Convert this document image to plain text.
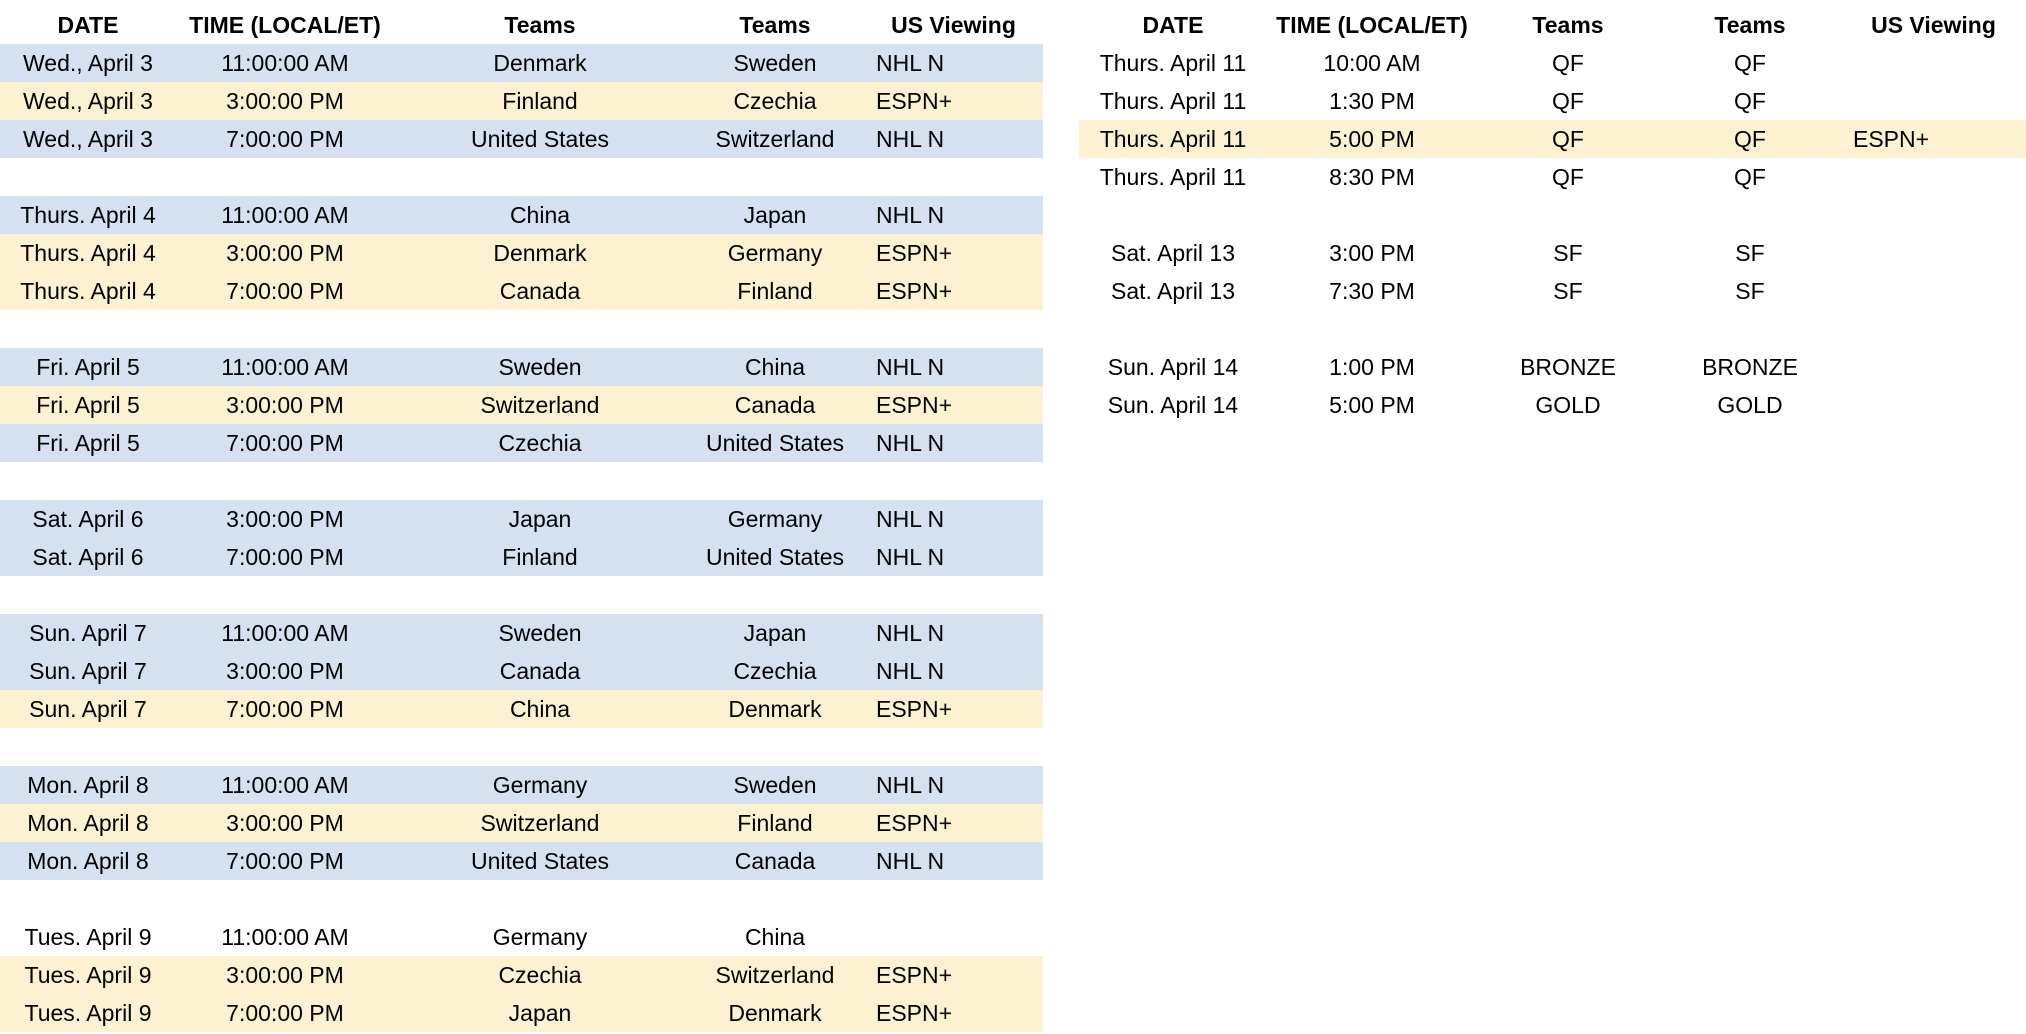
DATE	TIME (LOCAL/ET)	Teams	Teams	US Viewing
Wed., April 3	11:00:00 AM	Denmark	Sweden	NHL N
Wed., April 3	3:00:00 PM	Finland	Czechia	ESPN+
Wed., April 3	7:00:00 PM	United States	Switzerland	NHL N
Thurs. April 4	11:00:00 AM	China	Japan	NHL N
Thurs. April 4	3:00:00 PM	Denmark	Germany	ESPN+
Thurs. April 4	7:00:00 PM	Canada	Finland	ESPN+
Fri. April 5	11:00:00 AM	Sweden	China	NHL N
Fri. April 5	3:00:00 PM	Switzerland	Canada	ESPN+
Fri. April 5	7:00:00 PM	Czechia	United States	NHL N
Sat. April 6	3:00:00 PM	Japan	Germany	NHL N
Sat. April 6	7:00:00 PM	Finland	United States	NHL N
Sun. April 7	11:00:00 AM	Sweden	Japan	NHL N
Sun. April 7	3:00:00 PM	Canada	Czechia	NHL N
Sun. April 7	7:00:00 PM	China	Denmark	ESPN+
Mon. April 8	11:00:00 AM	Germany	Sweden	NHL N
Mon. April 8	3:00:00 PM	Switzerland	Finland	ESPN+
Mon. April 8	7:00:00 PM	United States	Canada	NHL N
Tues. April 9	11:00:00 AM	Germany	China
Tues. April 9	3:00:00 PM	Czechia	Switzerland	ESPN+
Tues. April 9	7:00:00 PM	Japan	Denmark	ESPN+
DATE	TIME (LOCAL/ET)	Teams	Teams	US Viewing
Thurs. April 11	10:00 AM	QF	QF
Thurs. April 11	1:30 PM	QF	QF
Thurs. April 11	5:00 PM	QF	QF	ESPN+
Thurs. April 11	8:30 PM	QF	QF
Sat. April 13	3:00 PM	SF	SF
Sat. April 13	7:30 PM	SF	SF
Sun. April 14	1:00 PM	BRONZE	BRONZE
Sun. April 14	5:00 PM	GOLD	GOLD
